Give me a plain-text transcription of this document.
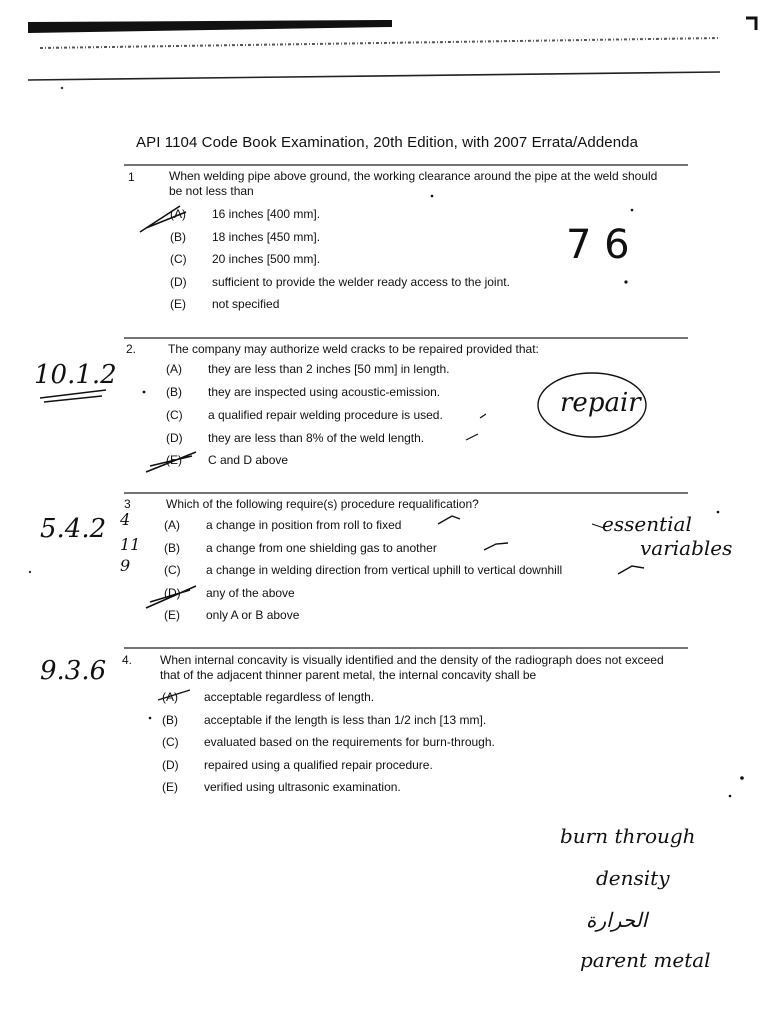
API 1104 Code Book Examination, 20th Edition, with 2007 Errata/Addenda
1	When welding pipe above ground, the working clearance around the pipe at the weld should be not less than
(A) 16 inches [400 mm].
(B) 18 inches [450 mm].
(C) 20 inches [500 mm].
(D) sufficient to provide the welder ready access to the joint.
(E) not specified
2.	The company may authorize weld cracks to be repaired provided that:
(A) they are less than 2 inches [50 mm] in length.
(B) they are inspected using acoustic-emission.
(C) a qualified repair welding procedure is used.
(D) they are less than 8% of the weld length.
(E) C and D above
3	Which of the following require(s) procedure requalification?
(A) a change in position from roll to fixed
(B) a change from one shielding gas to another
(C) a change in welding direction from vertical uphill to vertical downhill
(D) any of the above
(E) only A or B above
4. When internal concavity is visually identified and the density of the radiograph does not exceed that of the adjacent thinner parent metal, the internal concavity shall be
(A) acceptable regardless of length.
(B) acceptable if the length is less than 1/2 inch [13 mm].
(C) evaluated based on the requirements for burn-through.
(D) repaired using a qualified repair procedure.
(E) verified using ultrasonic examination.
7 6
10.1.2
repair
5.4.2 4
11
9
essential
variables
9.3.6
burn through
density
الحرارة
parent metal
